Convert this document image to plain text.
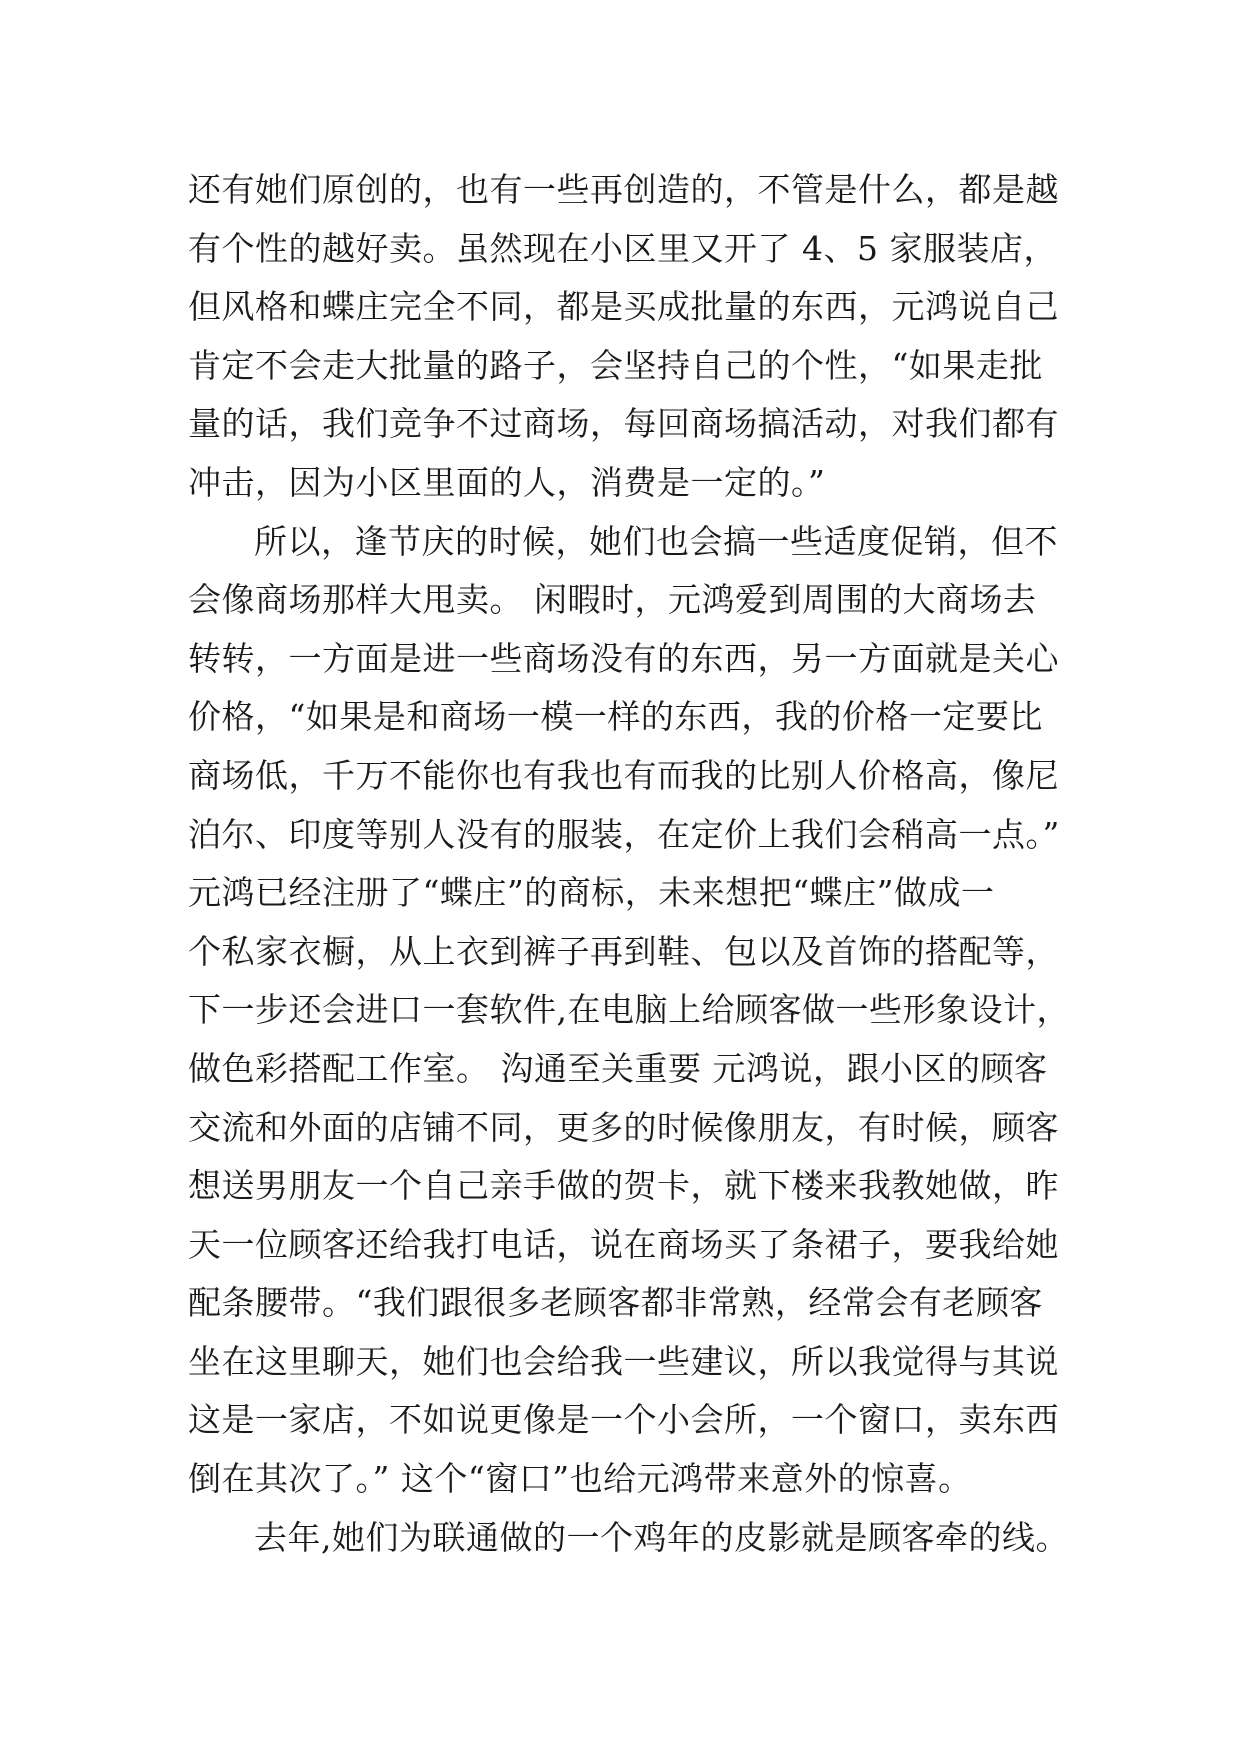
还有她们原创的，也有一些再创造的，不管是什么，都是越
有个性的越好卖。虽然现在小区里又开了 4、5 家服装店，
但风格和蝶庄完全不同，都是买成批量的东西，元鸿说自己
肯定不会走大批量的路子，会坚持自己的个性，“如果走批
量的话，我们竞争不过商场，每回商场搞活动，对我们都有
冲击，因为小区里面的人，消费是一定的。”
所以，逢节庆的时候，她们也会搞一些适度促销，但不
会像商场那样大甩卖。 闲暇时，元鸿爱到周围的大商场去
转转，一方面是进一些商场没有的东西，另一方面就是关心
价格，“如果是和商场一模一样的东西，我的价格一定要比
商场低，千万不能你也有我也有而我的比别人价格高，像尼
泊尔、印度等别人没有的服装，在定价上我们会稍高一点。”
元鸿已经注册了“蝶庄”的商标，未来想把“蝶庄”做成一
个私家衣橱，从上衣到裤子再到鞋、包以及首饰的搭配等，
下一步还会进口一套软件,在电脑上给顾客做一些形象设计，
做色彩搭配工作室。 沟通至关重要 元鸿说，跟小区的顾客
交流和外面的店铺不同，更多的时候像朋友，有时候，顾客
想送男朋友一个自己亲手做的贺卡，就下楼来我教她做，昨
天一位顾客还给我打电话，说在商场买了条裙子，要我给她
配条腰带。“我们跟很多老顾客都非常熟，经常会有老顾客
坐在这里聊天，她们也会给我一些建议，所以我觉得与其说
这是一家店，不如说更像是一个小会所，一个窗口，卖东西
倒在其次了。” 这个“窗口”也给元鸿带来意外的惊喜。
去年,她们为联通做的一个鸡年的皮影就是顾客牵的线。
